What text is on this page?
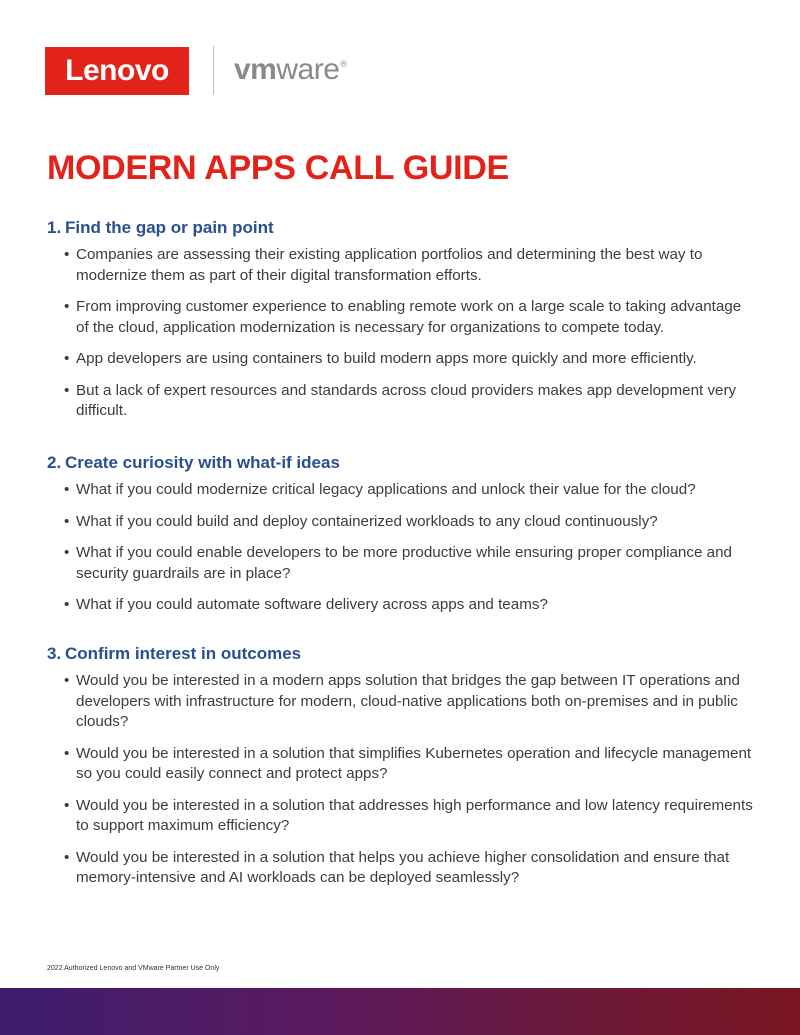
Lenovo	vmware®
MODERN APPS CALL GUIDE
1. Find the gap or pain point
• Companies are assessing their existing application portfolios and determining the best way to modernize them as part of their digital transformation efforts.
• From improving customer experience to enabling remote work on a large scale to taking advantage of the cloud, application modernization is necessary for organizations to compete today.
• App developers are using containers to build modern apps more quickly and more efficiently.
• But a lack of expert resources and standards across cloud providers makes app development very difficult.
2. Create curiosity with what-if ideas
• What if you could modernize critical legacy applications and unlock their value for the cloud?
• What if you could build and deploy containerized workloads to any cloud continuously?
• What if you could enable developers to be more productive while ensuring proper compliance and security guardrails are in place?
• What if you could automate software delivery across apps and teams?
3. Confirm interest in outcomes
• Would you be interested in a modern apps solution that bridges the gap between IT operations and developers with infrastructure for modern, cloud-native applications both on-premises and in public clouds?
• Would you be interested in a solution that simplifies Kubernetes operation and lifecycle management so you could easily connect and protect apps?
• Would you be interested in a solution that addresses high performance and low latency requirements to support maximum efficiency?
• Would you be interested in a solution that helps you achieve higher consolidation and ensure that memory-intensive and AI workloads can be deployed seamlessly?
2022 Authorized Lenovo and VMware Partner Use Only
